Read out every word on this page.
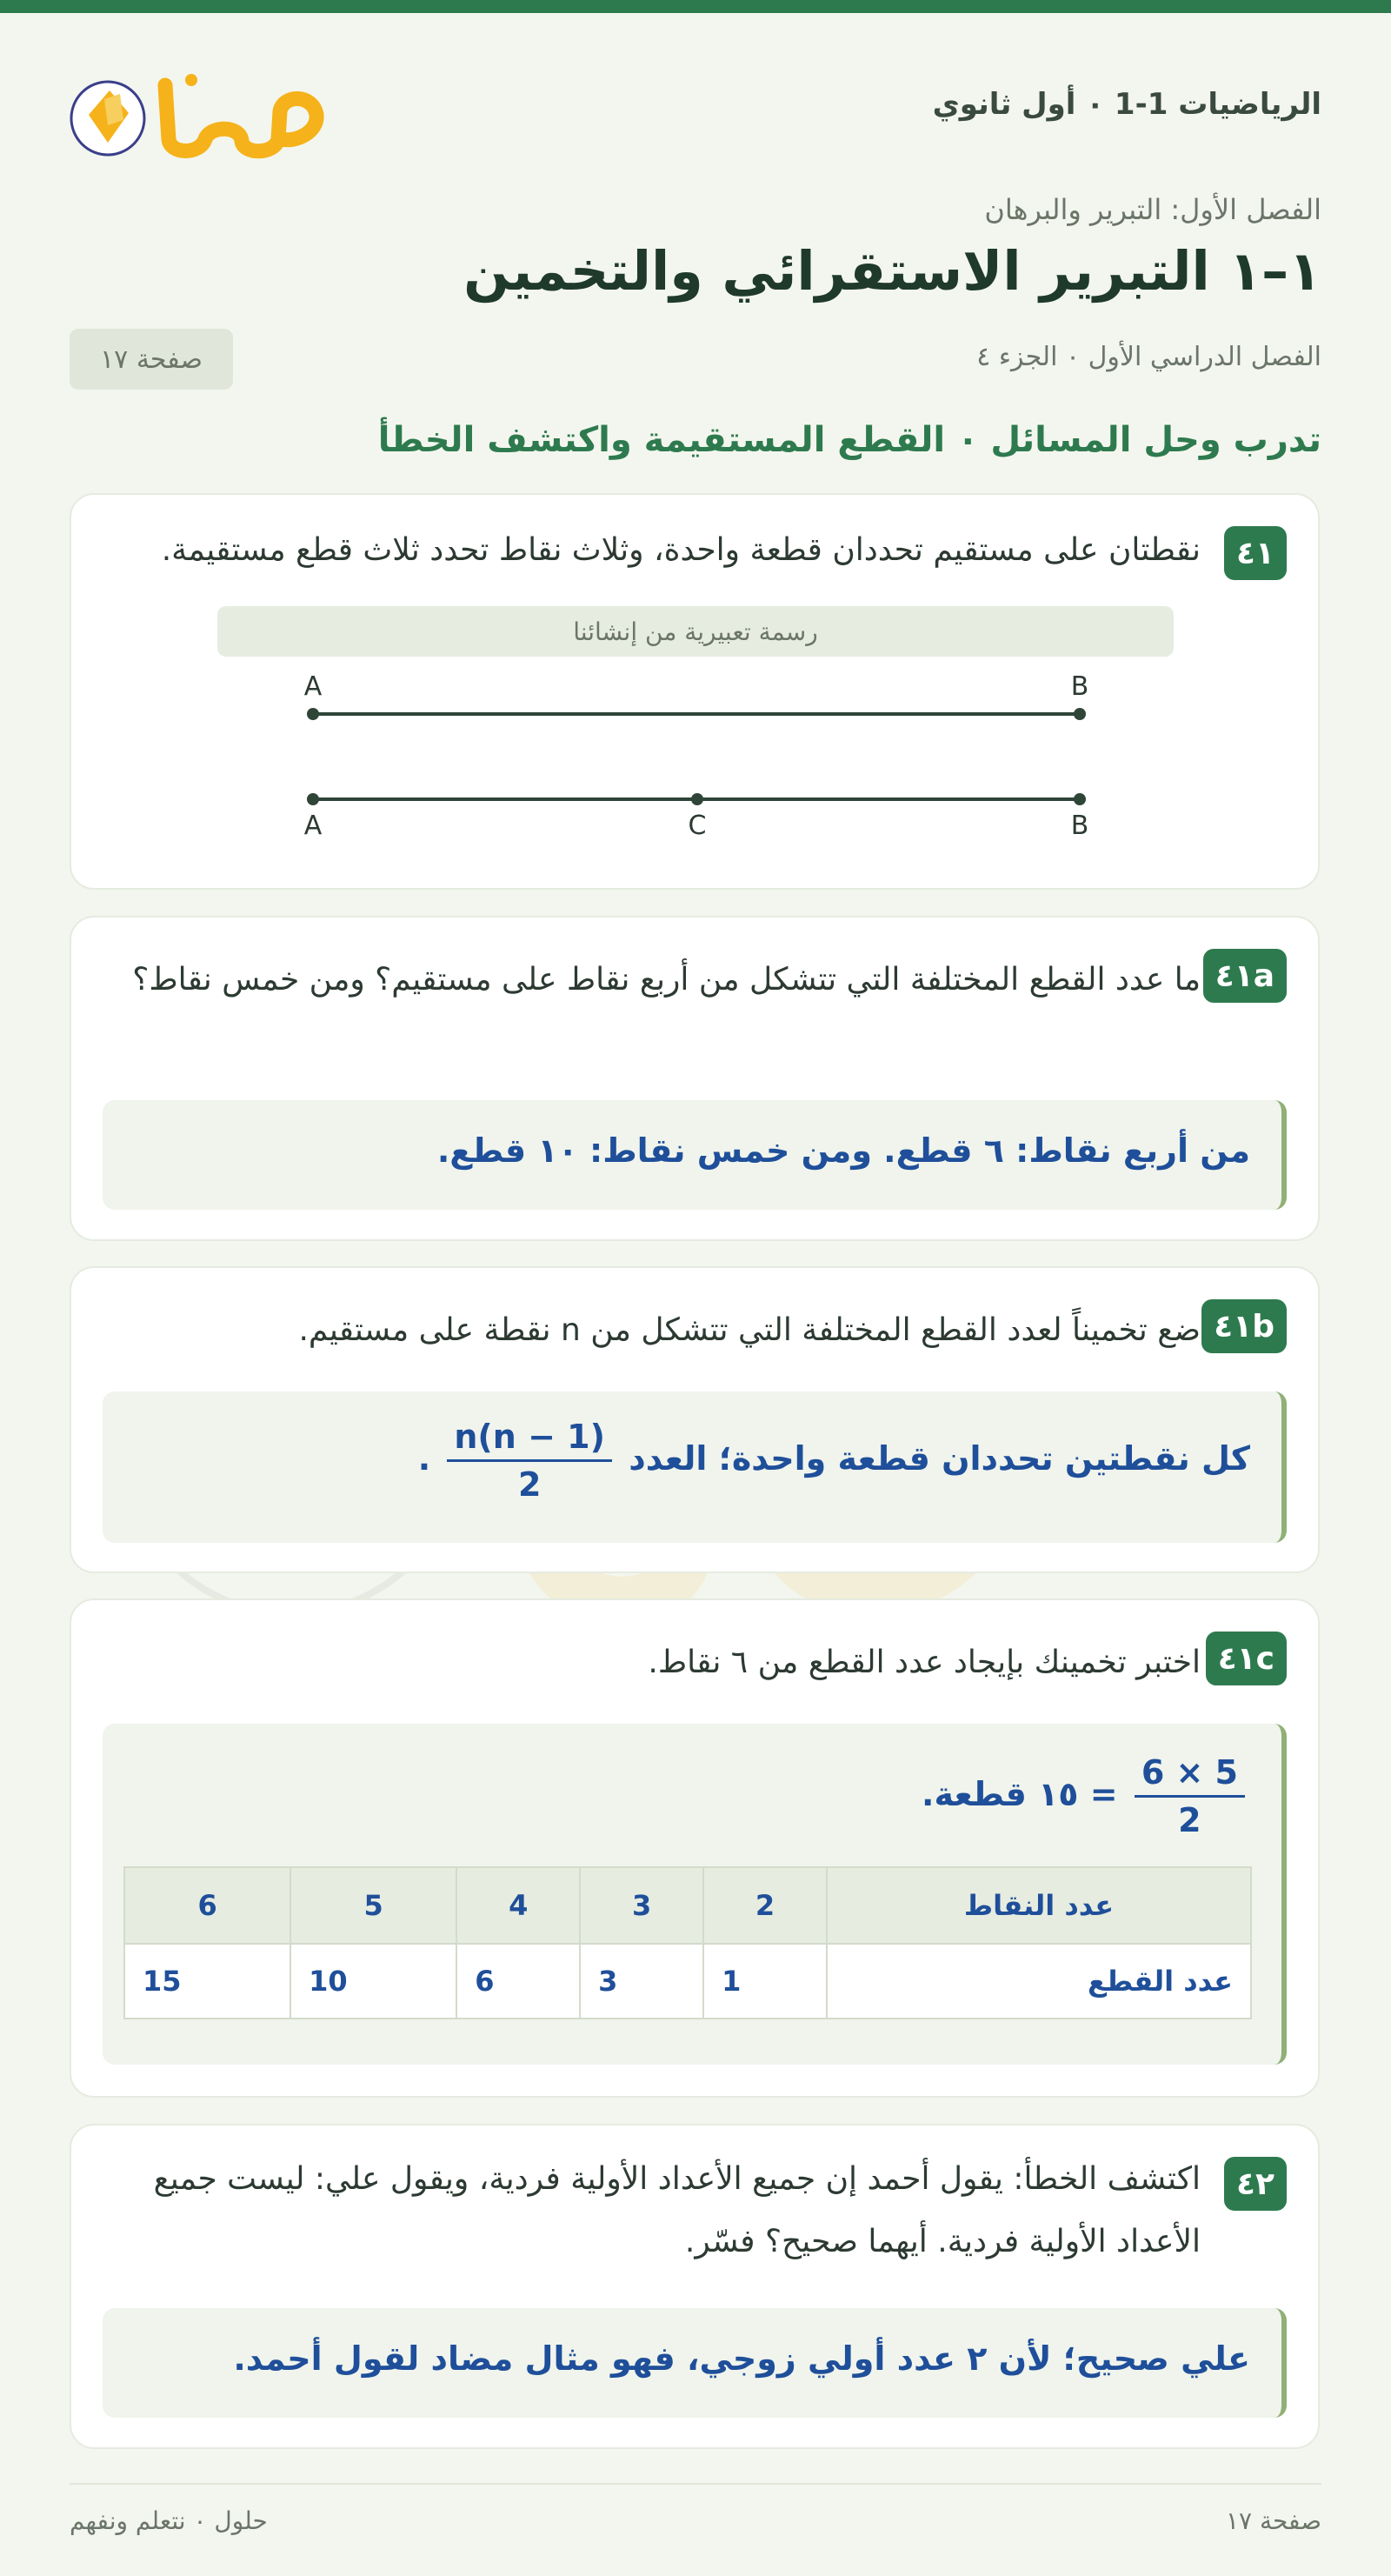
الرياضيات 1-1 ٠ أول ثانوي
الفصل الأول: التبرير والبرهان
١–١ التبرير الاستقرائي والتخمين
الفصل الدراسي الأول ٠ الجزء ٤
صفحة ١٧
تدرب وحل المسائل ٠ القطع المستقيمة واكتشف الخطأ
٤١
نقطتان على مستقيم تحددان قطعة واحدة، وثلاث نقاط تحدد ثلاث قطع مستقيمة.
رسمة تعبيرية من إنشائنا
A	B
A	C	B
٤١a
ما عدد القطع المختلفة التي تتشكل من أربع نقاط على مستقيم؟ ومن خمس نقاط؟
من أربع نقاط: ٦ قطع. ومن خمس نقاط: ١٠ قطع.
٤١b
ضع تخميناً لعدد القطع المختلفة التي تتشكل من n نقطة على مستقيم.
كل نقطتين تحددان قطعة واحدة؛ العدد
$\frac{n(n - 1)}{2}$
.
٤١c
اختبر تخمينك بإيجاد عدد القطع من ٦ نقاط.
$\frac{6 \times 5}{2}$
= ١٥ قطعة.
عدد النقاط	2	3	4	5	6
عدد القطع	1	3	6	10	15
٤٢
اكتشف الخطأ: يقول أحمد إن جميع الأعداد الأولية فردية، ويقول علي: ليست جميع الأعداد الأولية فردية. أيهما صحيح؟ فسّر.
علي صحيح؛ لأن ٢ عدد أولي زوجي، فهو مثال مضاد لقول أحمد.
صفحة ١٧
حلول ٠ نتعلم ونفهم
